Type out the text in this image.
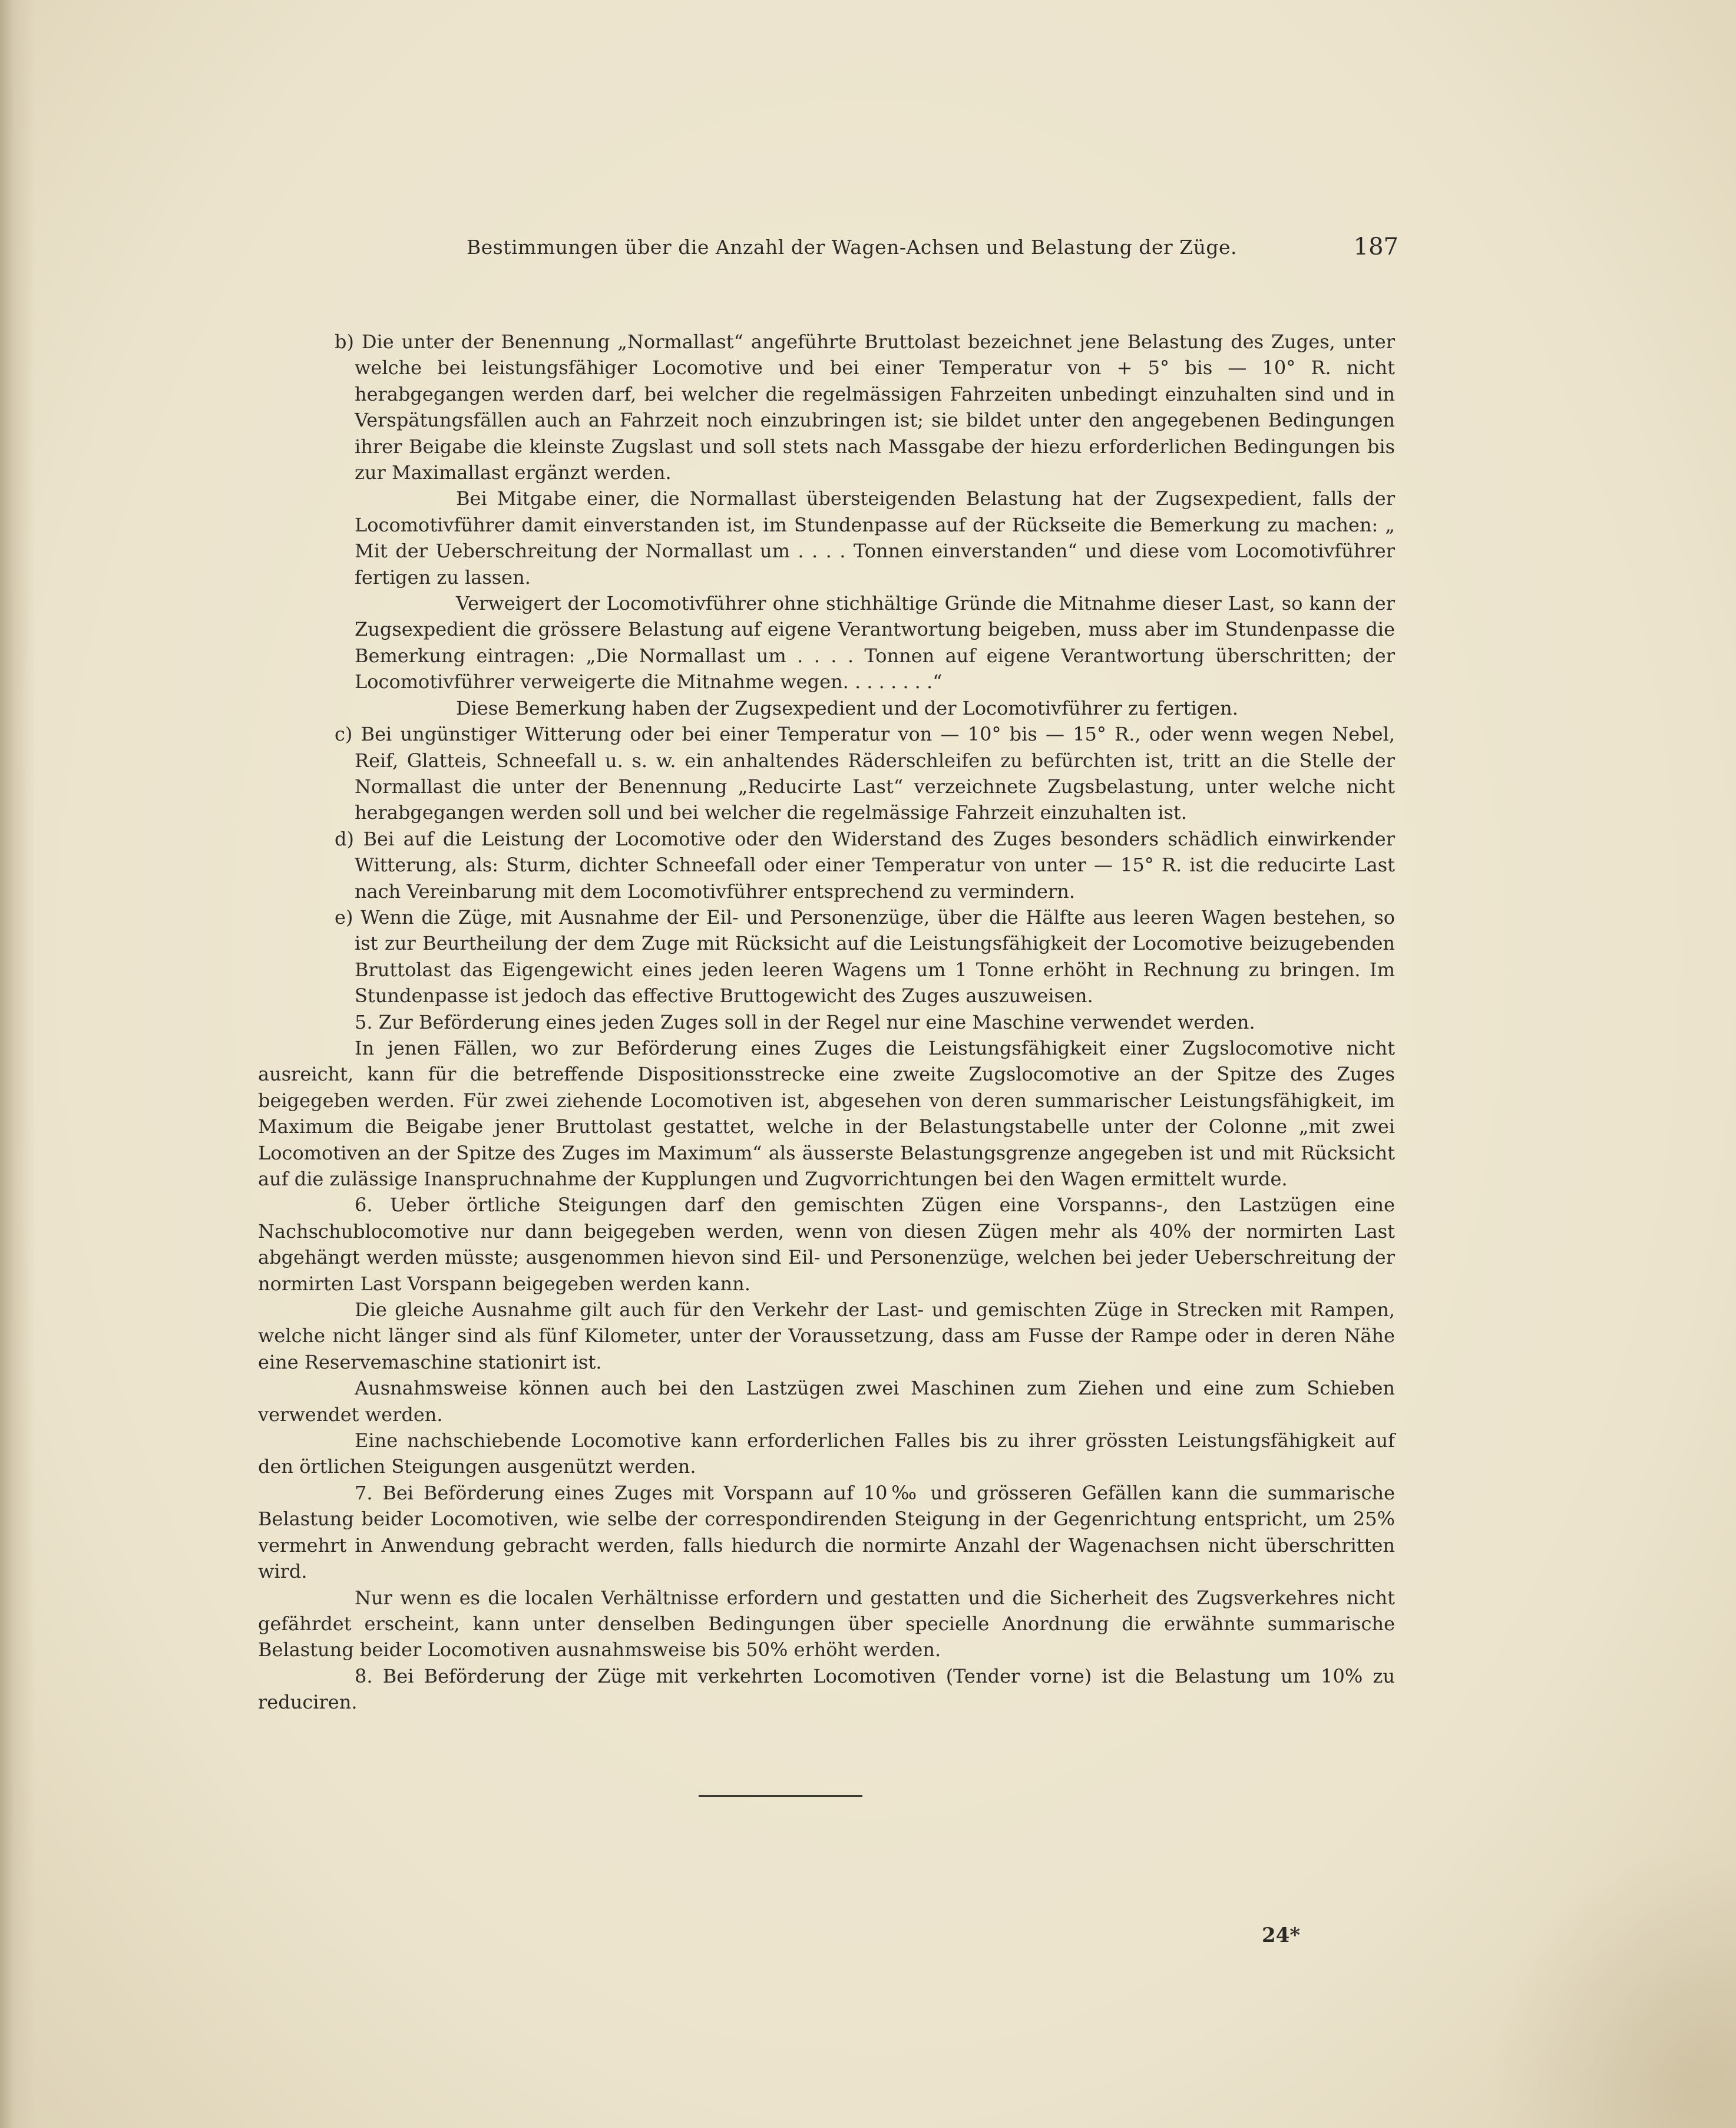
Bestimmungen über die Anzahl der Wagen-Achsen und Belastung der Züge.	187

b) Die unter der Benennung „Normallast“ angeführte Bruttolast bezeichnet jene Belastung des Zuges, unter welche bei leistungsfähiger Locomotive und bei einer Temperatur von + 5° bis — 10° R. nicht herabgegangen werden darf, bei welcher die regelmässigen Fahrzeiten unbedingt einzuhalten sind und in Verspätungsfällen auch an Fahrzeit noch einzubringen ist; sie bildet unter den angegebenen Bedingungen ihrer Beigabe die kleinste Zugslast und soll stets nach Massgabe der hiezu erforderlichen Bedingungen bis zur Maximallast ergänzt werden.

Bei Mitgabe einer, die Normallast übersteigenden Belastung hat der Zugsexpedient, falls der Locomotivführer damit einverstanden ist, im Stundenpasse auf der Rückseite die Bemerkung zu machen: „ Mit der Ueberschreitung der Normallast um . . . . Tonnen einverstanden“ und diese vom Locomotivführer fertigen zu lassen.

Verweigert der Locomotivführer ohne stichhältige Gründe die Mitnahme dieser Last, so kann der Zugsexpedient die grössere Belastung auf eigene Verantwortung beigeben, muss aber im Stundenpasse die Bemerkung eintragen: „Die Normallast um . . . . Tonnen auf eigene Verantwortung überschritten; der Locomotivführer verweigerte die Mitnahme wegen. . . . . . . .“

Diese Bemerkung haben der Zugsexpedient und der Locomotivführer zu fertigen.

c) Bei ungünstiger Witterung oder bei einer Temperatur von — 10° bis — 15° R., oder wenn wegen Nebel, Reif, Glatteis, Schneefall u. s. w. ein anhaltendes Räderschleifen zu befürchten ist, tritt an die Stelle der Normallast die unter der Benennung „Reducirte Last“ verzeichnete Zugsbelastung, unter welche nicht herabgegangen werden soll und bei welcher die regelmässige Fahrzeit einzuhalten ist.

d) Bei auf die Leistung der Locomotive oder den Widerstand des Zuges besonders schädlich einwirkender Witterung, als: Sturm, dichter Schneefall oder einer Temperatur von unter — 15° R. ist die reducirte Last nach Vereinbarung mit dem Locomotivführer entsprechend zu vermindern.

e) Wenn die Züge, mit Ausnahme der Eil- und Personenzüge, über die Hälfte aus leeren Wagen bestehen, so ist zur Beurtheilung der dem Zuge mit Rücksicht auf die Leistungsfähigkeit der Locomotive beizugebenden Bruttolast das Eigengewicht eines jeden leeren Wagens um 1 Tonne erhöht in Rechnung zu bringen. Im Stundenpasse ist jedoch das effective Bruttogewicht des Zuges auszuweisen.

5. Zur Beförderung eines jeden Zuges soll in der Regel nur eine Maschine verwendet werden.

In jenen Fällen, wo zur Beförderung eines Zuges die Leistungsfähigkeit einer Zugslocomotive nicht ausreicht, kann für die betreffende Dispositionsstrecke eine zweite Zugslocomotive an der Spitze des Zuges beigegeben werden. Für zwei ziehende Locomotiven ist, abgesehen von deren summarischer Leistungsfähigkeit, im Maximum die Beigabe jener Bruttolast gestattet, welche in der Belastungstabelle unter der Colonne „mit zwei Locomotiven an der Spitze des Zuges im Maximum“ als äusserste Belastungsgrenze angegeben ist und mit Rücksicht auf die zulässige Inanspruchnahme der Kupplungen und Zugvorrichtungen bei den Wagen ermittelt wurde.

6. Ueber örtliche Steigungen darf den gemischten Zügen eine Vorspanns-, den Lastzügen eine Nachschublocomotive nur dann beigegeben werden, wenn von diesen Zügen mehr als 40% der normirten Last abgehängt werden müsste; ausgenommen hievon sind Eil- und Personenzüge, welchen bei jeder Ueberschreitung der normirten Last Vorspann beigegeben werden kann.

Die gleiche Ausnahme gilt auch für den Verkehr der Last- und gemischten Züge in Strecken mit Rampen, welche nicht länger sind als fünf Kilometer, unter der Voraussetzung, dass am Fusse der Rampe oder in deren Nähe eine Reservemaschine stationirt ist.

Ausnahmsweise können auch bei den Lastzügen zwei Maschinen zum Ziehen und eine zum Schieben verwendet werden.

Eine nachschiebende Locomotive kann erforderlichen Falles bis zu ihrer grössten Leistungsfähigkeit auf den örtlichen Steigungen ausgenützt werden.

7. Bei Beförderung eines Zuges mit Vorspann auf 10‰ und grösseren Gefällen kann die summarische Belastung beider Locomotiven, wie selbe der correspondirenden Steigung in der Gegenrichtung entspricht, um 25% vermehrt in Anwendung gebracht werden, falls hiedurch die normirte Anzahl der Wagenachsen nicht überschritten wird.

Nur wenn es die localen Verhältnisse erfordern und gestatten und die Sicherheit des Zugsverkehres nicht gefährdet erscheint, kann unter denselben Bedingungen über specielle Anordnung die erwähnte summarische Belastung beider Locomotiven ausnahmsweise bis 50% erhöht werden.

8. Bei Beförderung der Züge mit verkehrten Locomotiven (Tender vorne) ist die Belastung um 10% zu reduciren.

24*
